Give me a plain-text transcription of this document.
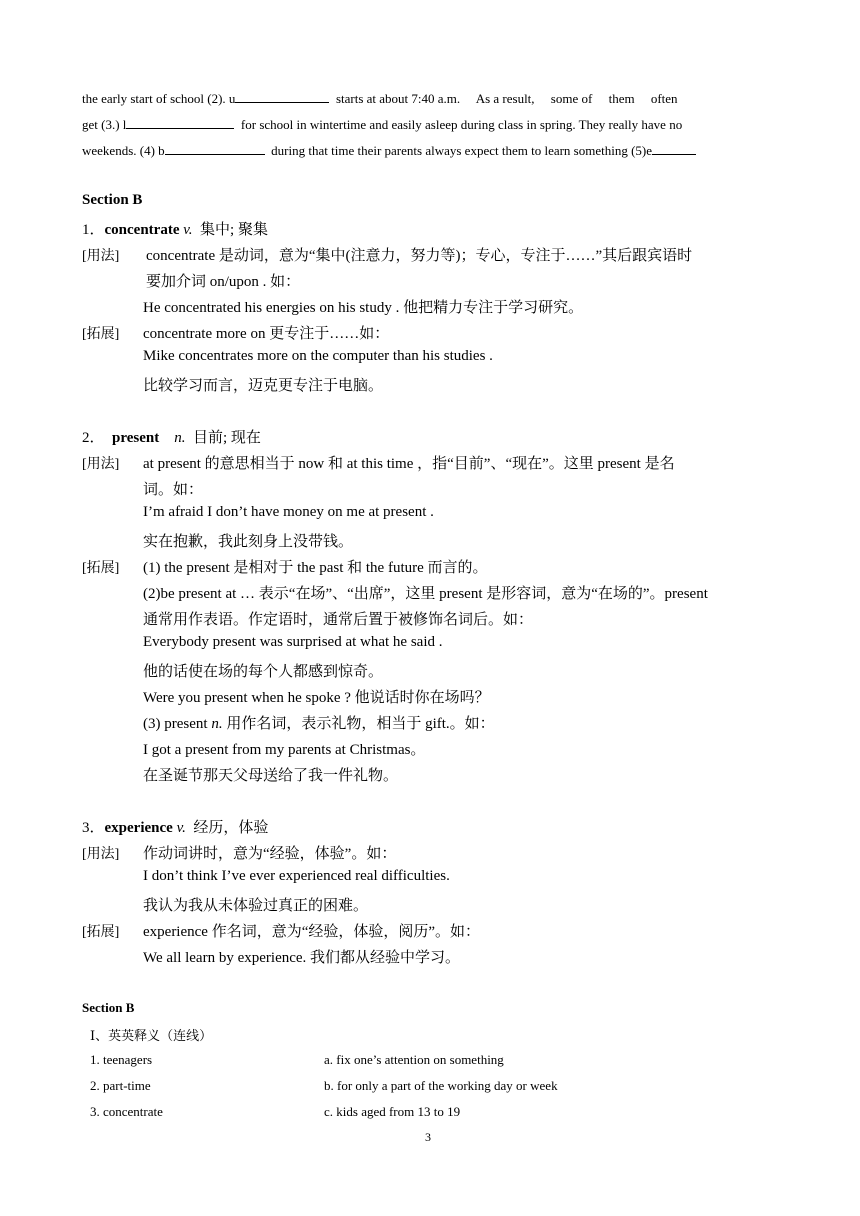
the early start of school (2). u	starts at about 7:40 a.m. As a result, some of them often
get (3.) l	for school in wintertime and easily asleep during class in spring. They really have no
weekends. (4) b	during that time their parents always expect them to learn something (5)e
Section B
1．concentrate v. 集中; 聚集
[用法] concentrate 是动词，意为“集中(注意力，努力等)；专心，专注于……”其后跟宾语时
要加介词 on/upon . 如：
He concentrated his energies on his study . 他把精力专注于学习研究。
[拓展] concentrate more on 更专注于……如：
Mike concentrates more on the computer than his studies .
比较学习而言，迈克更专注于电脑。
2． present n. 目前; 现在
[用法] at present 的意思相当于 now 和 at this time ，指“目前”、“现在”。这里 present 是名
词。如：
I’m afraid I don’t have money on me at present .
实在抱歉，我此刻身上没带钱。
[拓展] (1) the present 是相对于 the past 和 the future 而言的。
(2)be present at … 表示“在场”、“出席”，这里 present 是形容词，意为“在场的”。present
通常用作表语。作定语时，通常后置于被修饰名词后。如：
Everybody present was surprised at what he said .
他的话使在场的每个人都感到惊奇。
Were you present when he spoke ? 他说话时你在场吗？
(3) present n. 用作名词，表示礼物，相当于 gift.。如：
I got a present from my parents at Christmas。
在圣诞节那天父母送给了我一件礼物。
3．experience v. 经历，体验
[用法] 作动词讲时，意为“经验，体验”。如：
I don’t think I’ve ever experienced real difficulties.
我认为我从未体验过真正的困难。
[拓展] experience 作名词，意为“经验，体验，阅历”。如：
We all learn by experience. 我们都从经验中学习。
Section B
Ⅰ、英英释义（连线）
1. teenagers	a. fix one’s attention on something
2. part-time	b. for only a part of the working day or week
3. concentrate	c. kids aged from 13 to 19
3
